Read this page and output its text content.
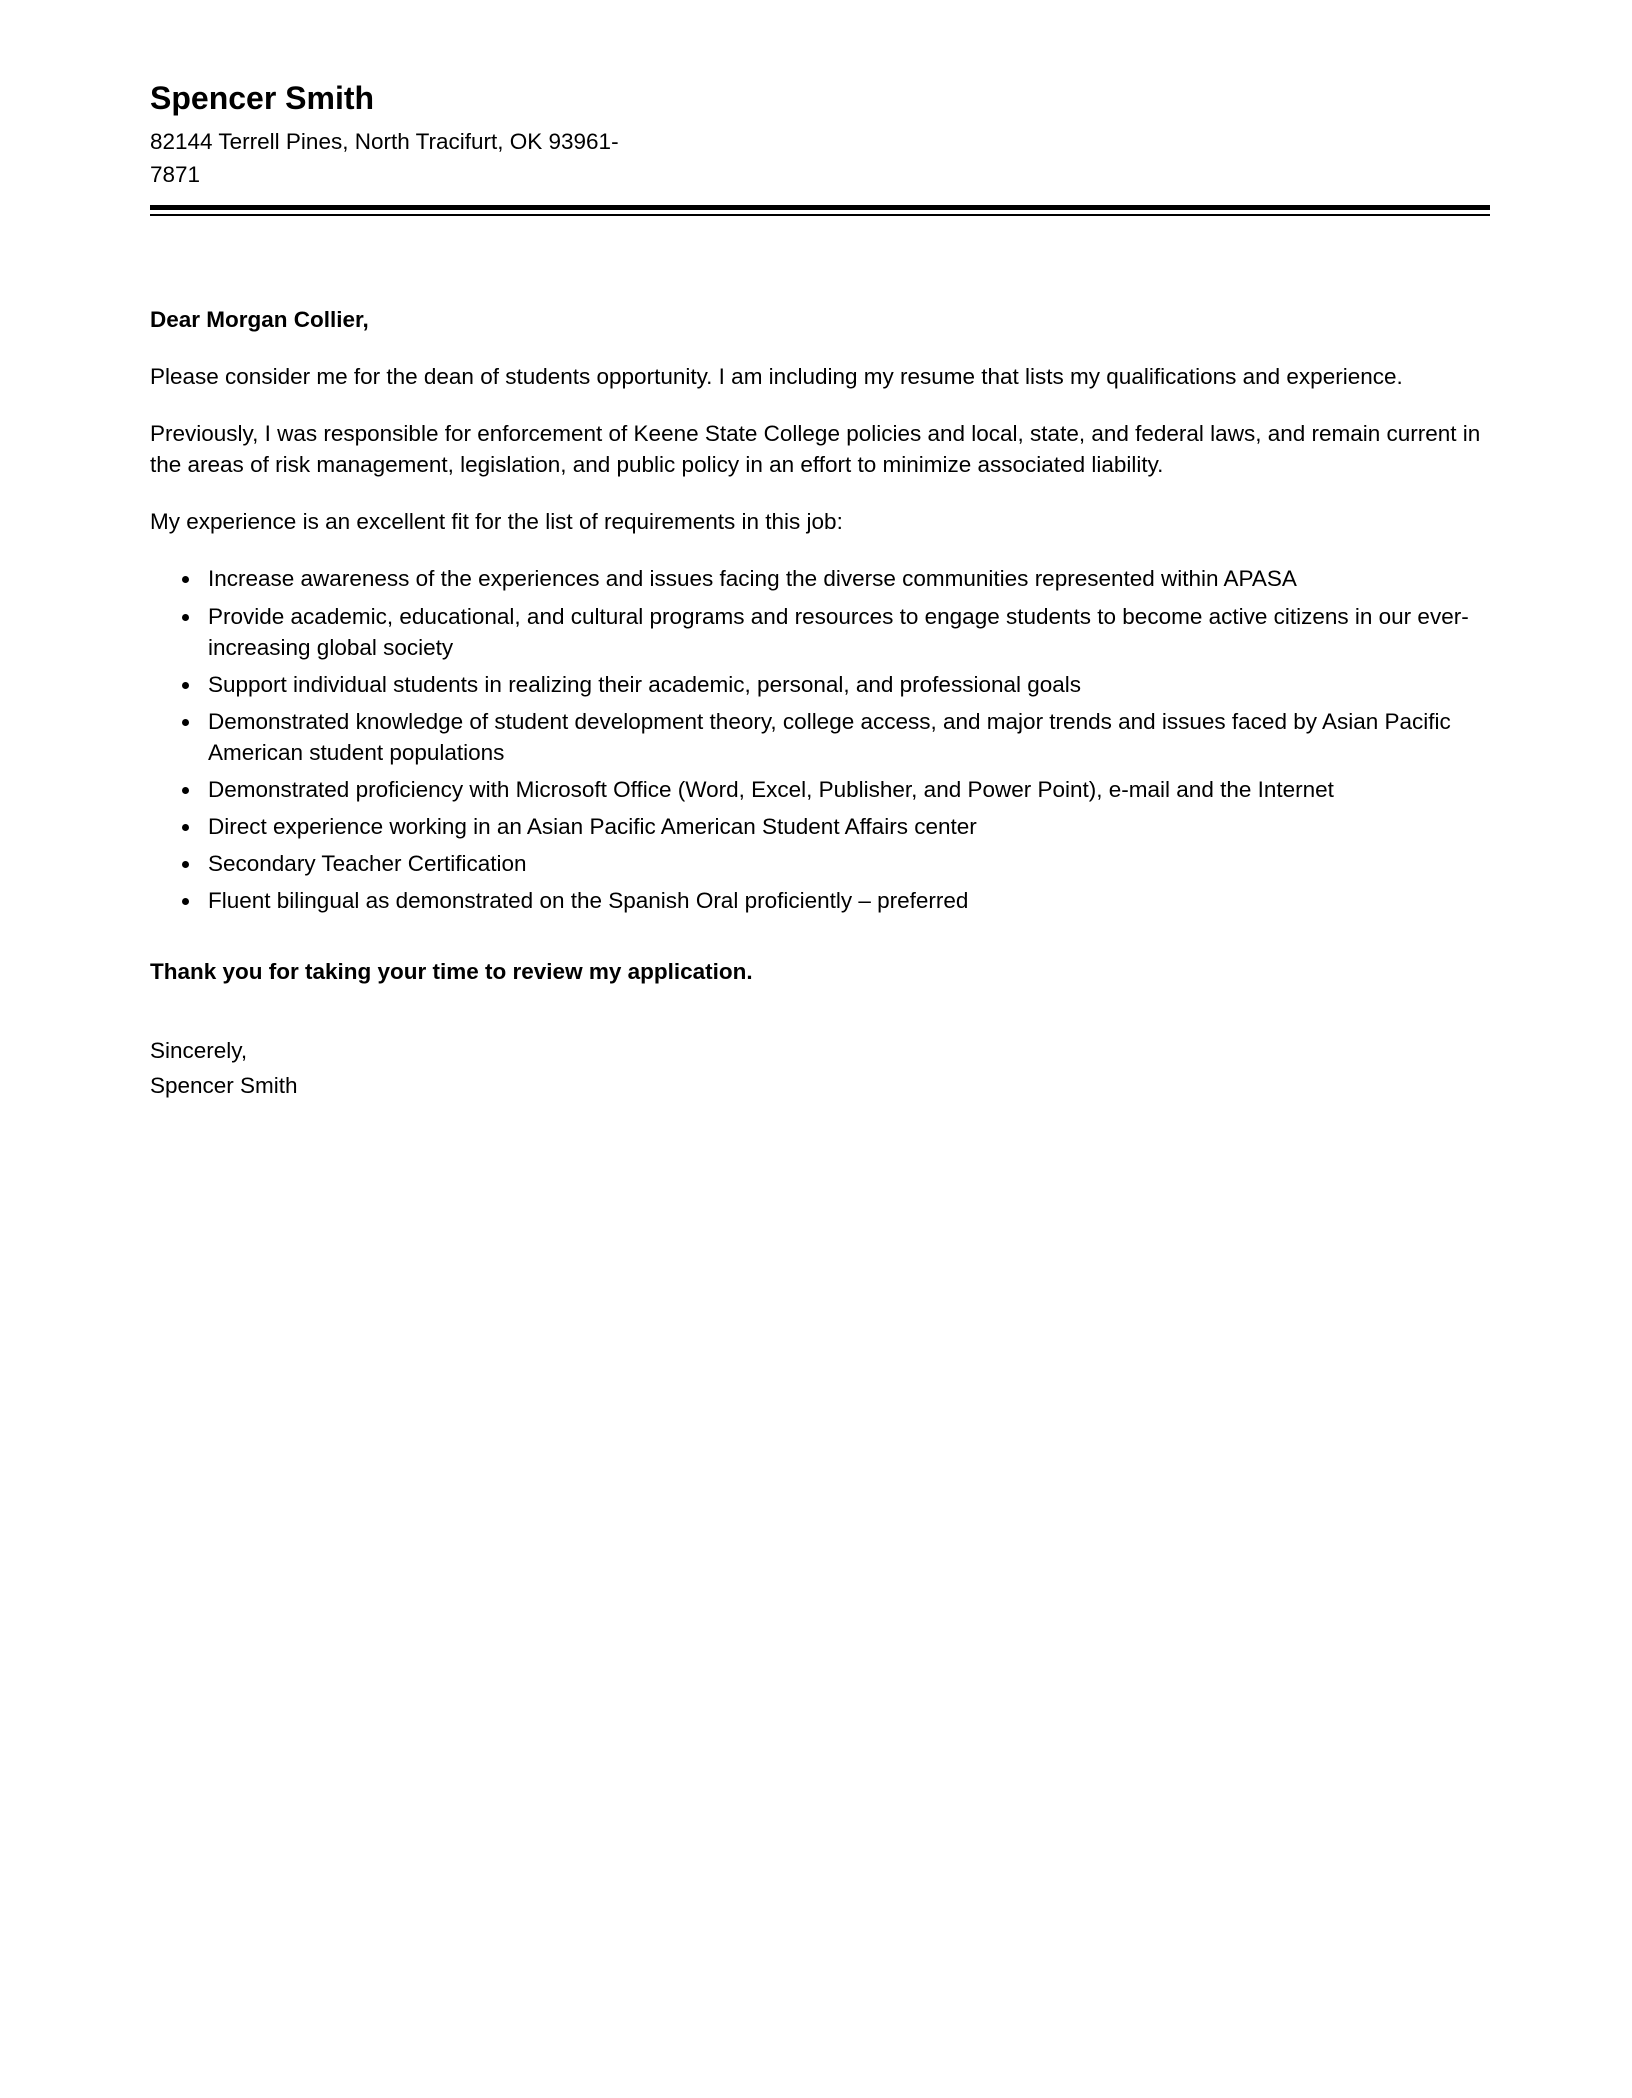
Spencer Smith
82144 Terrell Pines, North Tracifurt, OK 93961-
7871
Dear Morgan Collier,

Please consider me for the dean of students opportunity. I am including my resume that lists my qualifications and experience.

Previously, I was responsible for enforcement of Keene State College policies and local, state, and federal laws, and remain current in the areas of risk management, legislation, and public policy in an effort to minimize associated liability.

My experience is an excellent fit for the list of requirements in this job:

• Increase awareness of the experiences and issues facing the diverse communities represented within APASA
• Provide academic, educational, and cultural programs and resources to engage students to become active citizens in our ever-increasing global society
• Support individual students in realizing their academic, personal, and professional goals
• Demonstrated knowledge of student development theory, college access, and major trends and issues faced by Asian Pacific American student populations
• Demonstrated proficiency with Microsoft Office (Word, Excel, Publisher, and Power Point), e-mail and the Internet
• Direct experience working in an Asian Pacific American Student Affairs center
• Secondary Teacher Certification
• Fluent bilingual as demonstrated on the Spanish Oral proficiently – preferred

Thank you for taking your time to review my application.

Sincerely,
Spencer Smith
